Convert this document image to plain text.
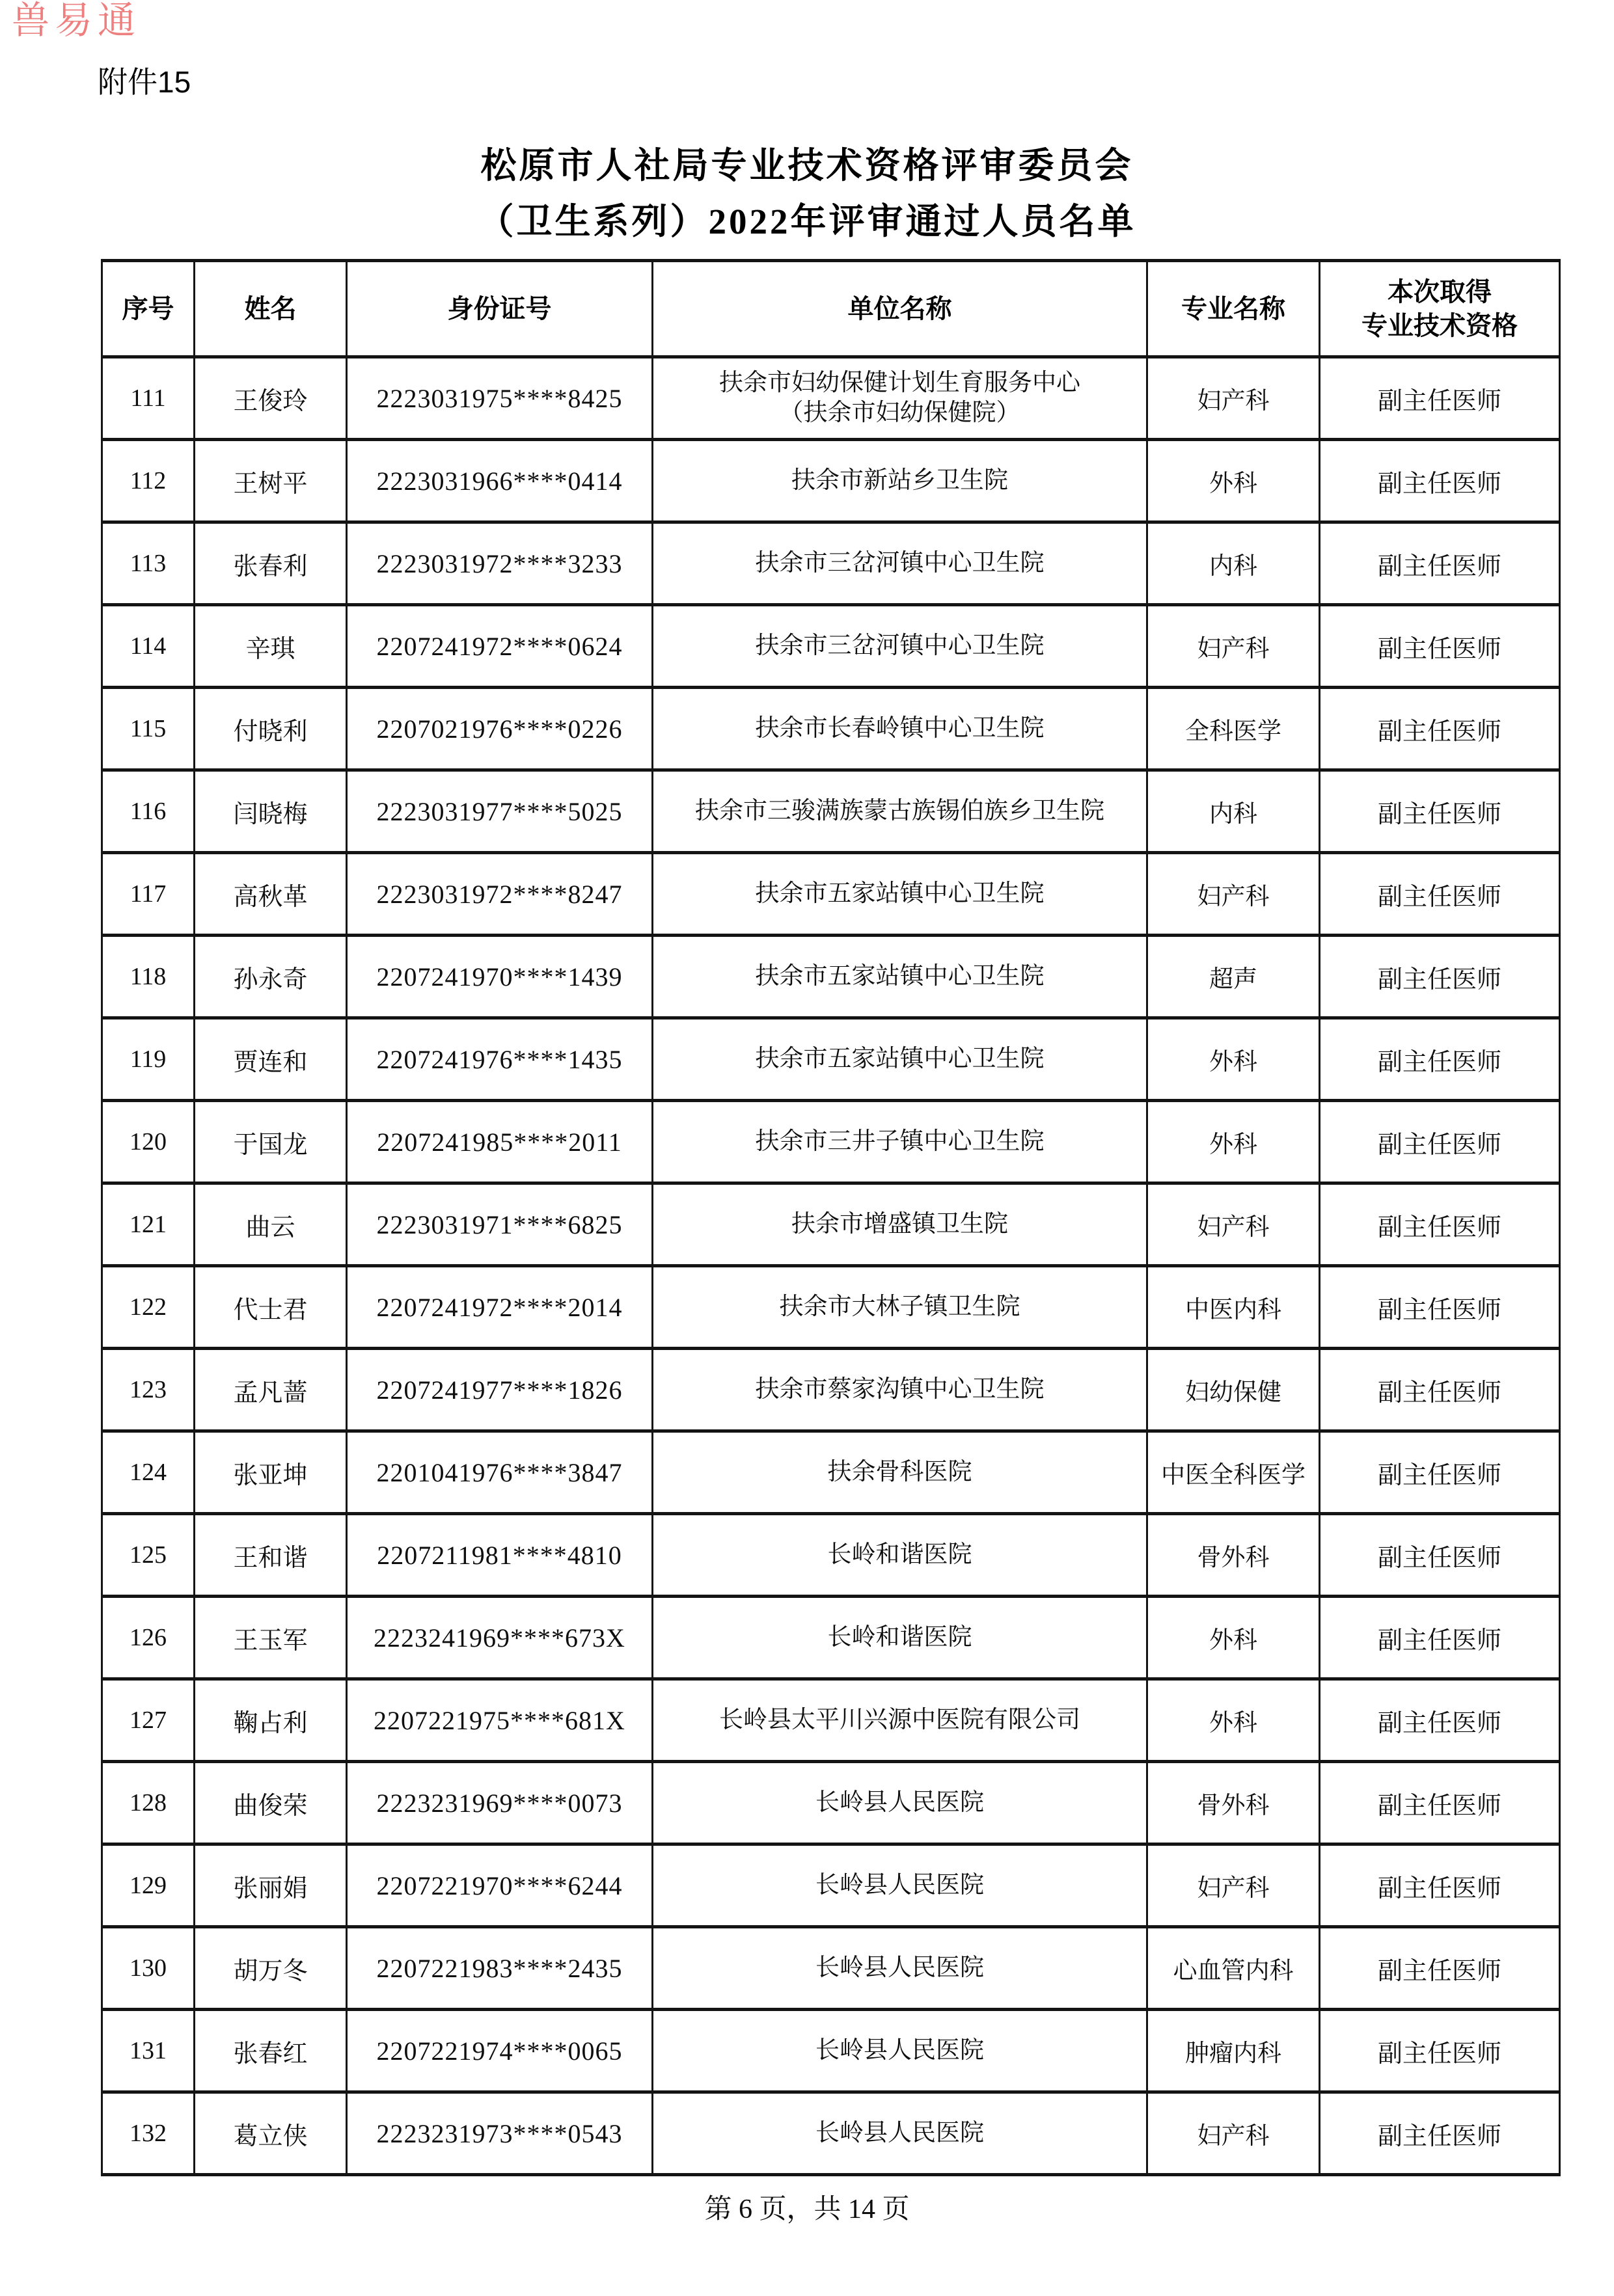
兽易通
附件15
松原市人社局专业技术资格评审委员会
（卫生系列）2022年评审通过人员名单
序号	姓名	身份证号	单位名称	专业名称	本次取得
专业技术资格
111	王俊玲	2223031975****8425	扶余市妇幼保健计划生育服务中心
（扶余市妇幼保健院）	妇产科	副主任医师
112	王树平	2223031966****0414	扶余市新站乡卫生院	外科	副主任医师
113	张春利	2223031972****3233	扶余市三岔河镇中心卫生院	内科	副主任医师
114	辛琪	2207241972****0624	扶余市三岔河镇中心卫生院	妇产科	副主任医师
115	付晓利	2207021976****0226	扶余市长春岭镇中心卫生院	全科医学	副主任医师
116	闫晓梅	2223031977****5025	扶余市三骏满族蒙古族锡伯族乡卫生院	内科	副主任医师
117	高秋革	2223031972****8247	扶余市五家站镇中心卫生院	妇产科	副主任医师
118	孙永奇	2207241970****1439	扶余市五家站镇中心卫生院	超声	副主任医师
119	贾连和	2207241976****1435	扶余市五家站镇中心卫生院	外科	副主任医师
120	于国龙	2207241985****2011	扶余市三井子镇中心卫生院	外科	副主任医师
121	曲云	2223031971****6825	扶余市增盛镇卫生院	妇产科	副主任医师
122	代士君	2207241972****2014	扶余市大林子镇卫生院	中医内科	副主任医师
123	孟凡蔷	2207241977****1826	扶余市蔡家沟镇中心卫生院	妇幼保健	副主任医师
124	张亚坤	2201041976****3847	扶余骨科医院	中医全科医学	副主任医师
125	王和谐	2207211981****4810	长岭和谐医院	骨外科	副主任医师
126	王玉军	2223241969****673X	长岭和谐医院	外科	副主任医师
127	鞠占利	2207221975****681X	长岭县太平川兴源中医院有限公司	外科	副主任医师
128	曲俊荣	2223231969****0073	长岭县人民医院	骨外科	副主任医师
129	张丽娟	2207221970****6244	长岭县人民医院	妇产科	副主任医师
130	胡万冬	2207221983****2435	长岭县人民医院	心血管内科	副主任医师
131	张春红	2207221974****0065	长岭县人民医院	肿瘤内科	副主任医师
132	葛立侠	2223231973****0543	长岭县人民医院	妇产科	副主任医师
第 6 页，共 14 页
